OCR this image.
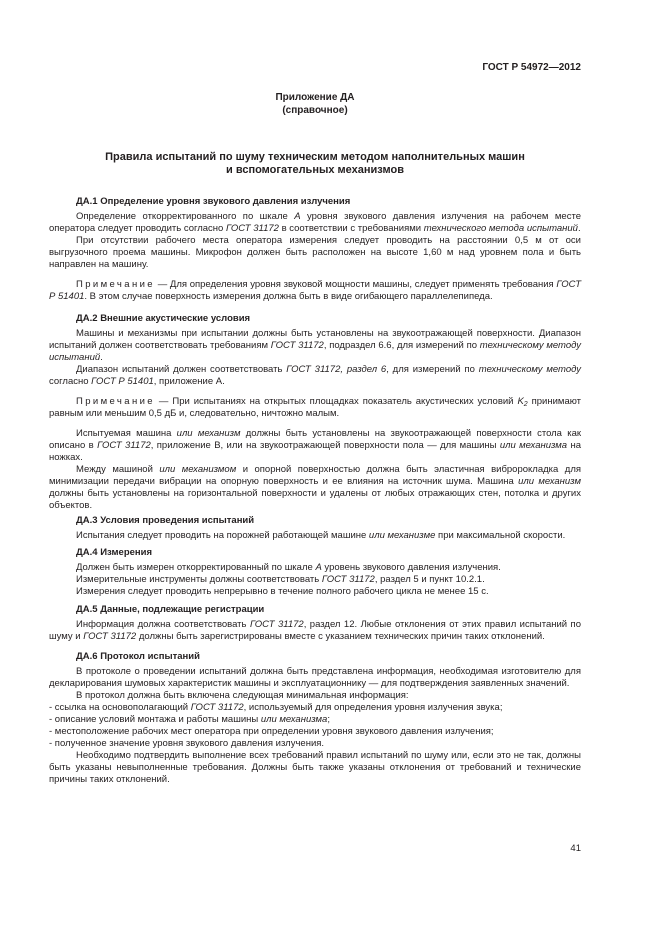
ГОСТ Р 54972—2012
Приложение ДА
(справочное)
Правила испытаний по шуму техническим методом наполнительных машин
и вспомогательных механизмов
ДА.1 Определение уровня звукового давления излучения
Определение откорректированного по шкале А уровня звукового давления излучения на рабочем месте оператора следует проводить согласно ГОСТ 31172 в соответствии с требованиями технического метода испытаний.
При отсутствии рабочего места оператора измерения следует проводить на расстоянии 0,5 м от оси выгрузочного проема машины. Микрофон должен быть расположен на высоте 1,60 м над уровнем пола и быть направлен на машину.
Примечание — Для определения уровня звуковой мощности машины, следует применять требования ГОСТ Р 51401. В этом случае поверхность измерения должна быть в виде огибающего параллелепипеда.
ДА.2 Внешние акустические условия
Машины и механизмы при испытании должны быть установлены на звукоотражающей поверхности. Диапазон испытаний должен соответствовать требованиям ГОСТ 31172, подраздел 6.6, для измерений по техническому методу испытаний.
Диапазон испытаний должен соответствовать ГОСТ 31172, раздел 6, для измерений по техническому методу согласно ГОСТ Р 51401, приложение А.
Примечание — При испытаниях на открытых площадках показатель акустических условий $K_2$ принимают равным или меньшим 0,5 дБ и, следовательно, ничтожно малым.
Испытуемая машина или механизм должны быть установлены на звукоотражающей поверхности стола как описано в ГОСТ 31172, приложение В, или на звукоотражающей поверхности пола — для машины или механизма на ножках.
Между машиной или механизмом и опорной поверхностью должна быть эластичная вибророкладка для минимизации передачи вибрации на опорную поверхность и ее влияния на источник шума. Машина или механизм должны быть установлены на горизонтальной поверхности и удалены от любых отражающих стен, потолка и других объектов.
ДА.3 Условия проведения испытаний
Испытания следует проводить на порожней работающей машине или механизме при максимальной скорости.
ДА.4 Измерения
Должен быть измерен откорректированный по шкале А уровень звукового давления излучения.
Измерительные инструменты должны соответствовать ГОСТ 31172, раздел 5 и пункт 10.2.1.
Измерения следует проводить непрерывно в течение полного рабочего цикла не менее 15 с.
ДА.5 Данные, подлежащие регистрации
Информация должна соответствовать ГОСТ 31172, раздел 12. Любые отклонения от этих правил испытаний по шуму и ГОСТ 31172 должны быть зарегистрированы вместе с указанием технических причин таких отклонений.
ДА.6 Протокол испытаний
В протоколе о проведении испытаний должна быть представлена информация, необходимая изготовителю для декларирования шумовых характеристик машины и эксплуатационнику — для подтверждения заявленных значений.
В протокол должна быть включена следующая минимальная информация:
- ссылка на основополагающий ГОСТ 31172, используемый для определения уровня излучения звука;
- описание условий монтажа и работы машины или механизма;
- местоположение рабочих мест оператора при определении уровня звукового давления излучения;
- полученное значение уровня звукового давления излучения.
Необходимо подтвердить выполнение всех требований правил испытаний по шуму или, если это не так, должны быть указаны невыполненные требования. Должны быть также указаны отклонения от требований и технические причины таких отклонений.
41
